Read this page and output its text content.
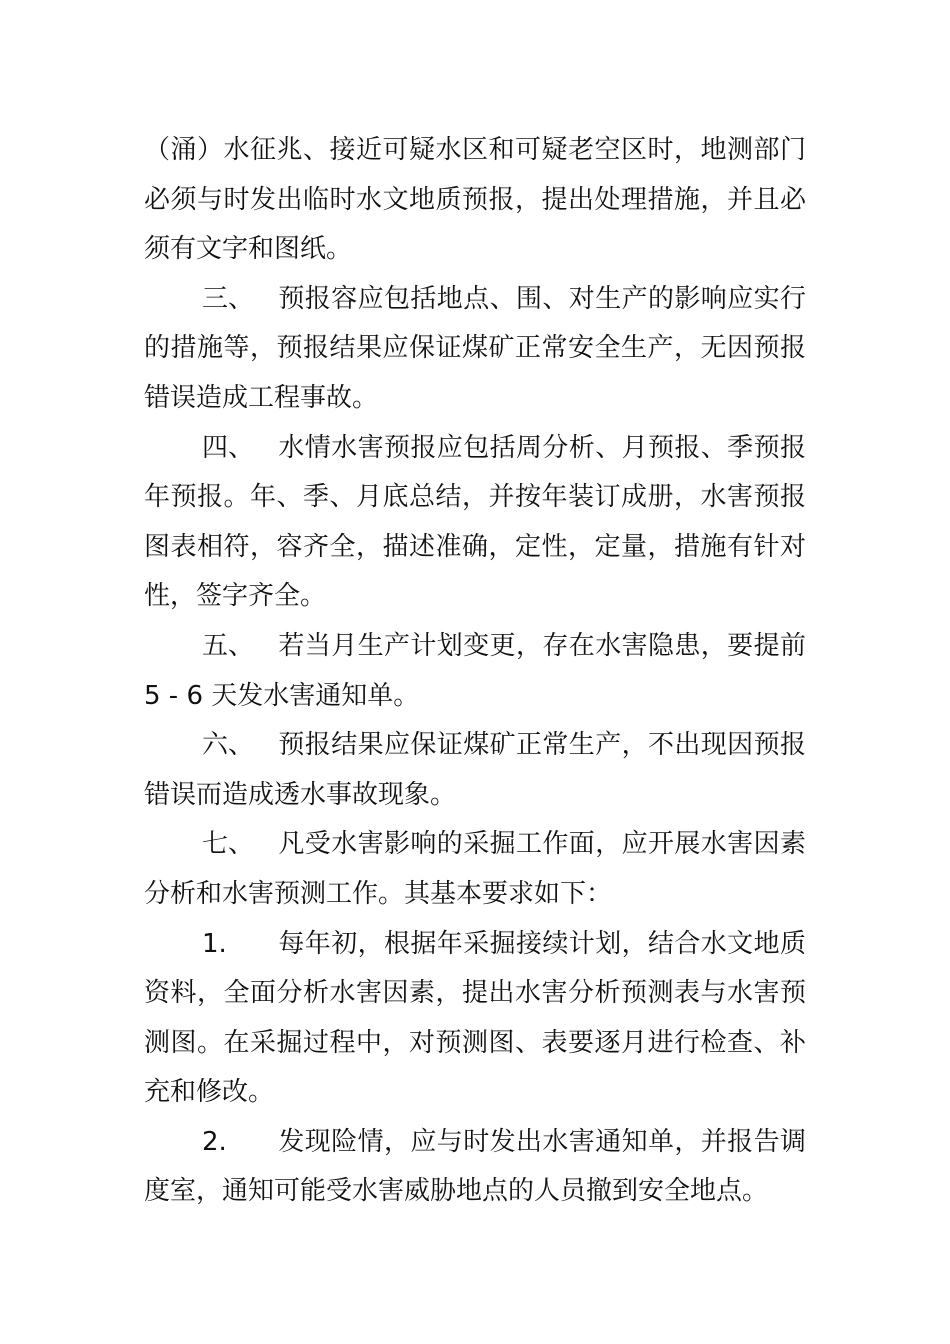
（涌）水征兆、接近可疑水区和可疑老空区时，地测部门
必须与时发出临时水文地质预报，提出处理措施，并且必
须有文字和图纸。
三、 预报容应包括地点、围、对生产的影响应实行
的措施等，预报结果应保证煤矿正常安全生产，无因预报
错误造成工程事故。
四、 水情水害预报应包括周分析、月预报、季预报
年预报。年、季、月底总结，并按年装订成册，水害预报
图表相符，容齐全，描述准确，定性，定量，措施有针对
性，签字齐全。
五、 若当月生产计划变更，存在水害隐患，要提前
5 - 6 天发水害通知单。
六、 预报结果应保证煤矿正常生产，不出现因预报
错误而造成透水事故现象。
七、 凡受水害影响的采掘工作面，应开展水害因素
分析和水害预测工作。其基本要求如下：
1. 每年初，根据年采掘接续计划，结合水文地质
资料，全面分析水害因素，提出水害分析预测表与水害预
测图。在采掘过程中，对预测图、表要逐月进行检查、补
充和修改。
2. 发现险情，应与时发出水害通知单，并报告调
度室，通知可能受水害威胁地点的人员撤到安全地点。
